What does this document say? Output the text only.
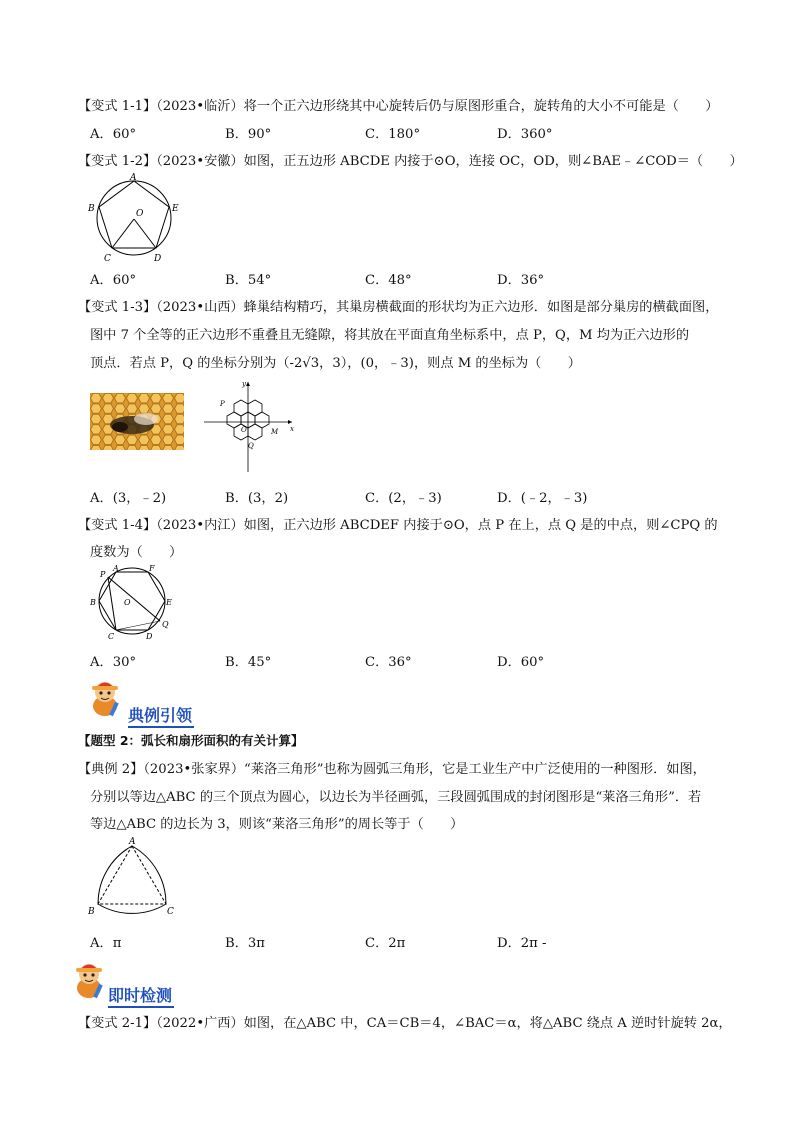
【变式 1-1】（2023•临沂）将一个正六边形绕其中心旋转后仍与原图形重合，旋转角的大小不可能是（　　）
A．60°	B．90°	C．180°	D．360°
【变式 1-2】（2023•安徽）如图，正五边形 ABCDE 内接于⊙O，连接 OC，OD，则∠BAE﹣∠COD＝（　　）
A
B
C	D
E
O
A．60°	B．54°	C．48°	D．36°
【变式 1-3】（2023•山西）蜂巢结构精巧，其巢房横截面的形状均为正六边形．如图是部分巢房的横截面图，
图中 7 个全等的正六边形不重叠且无缝隙，将其放在平面直角坐标系中，点 P，Q，M 均为正六边形的
顶点．若点 P，Q 的坐标分别为（-2√3，3），(0，﹣3)，则点 M 的坐标为（　　）
y
x
P
O	M
Q
A．(3，﹣2)	B．(3，2)	C．(2，﹣3)	D．(﹣2，﹣3)
【变式 1-4】（2023•内江）如图，正六边形 ABCDEF 内接于⊙O，点 P 在上，点 Q 是的中点，则∠CPQ 的
度数为（　　）
P
A	F
B	O	E
C	D
Q
A．30°	B．45°	C．36°	D．60°
典例引领
【题型 2：弧长和扇形面积的有关计算】
【典例 2】（2023•张家界）“莱洛三角形”也称为圆弧三角形，它是工业生产中广泛使用的一种图形．如图，
分别以等边△ABC 的三个顶点为圆心，以边长为半径画弧，三段圆弧围成的封闭图形是“莱洛三角形”．若
等边△ABC 的边长为 3，则该“莱洛三角形”的周长等于（　　）
A
B	C
A．π	B．3π	C．2π	D．2π -
即时检测
【变式 2-1】（2022•广西）如图，在△ABC 中，CA＝CB＝4，∠BAC＝α，将△ABC 绕点 A 逆时针旋转 2α，
